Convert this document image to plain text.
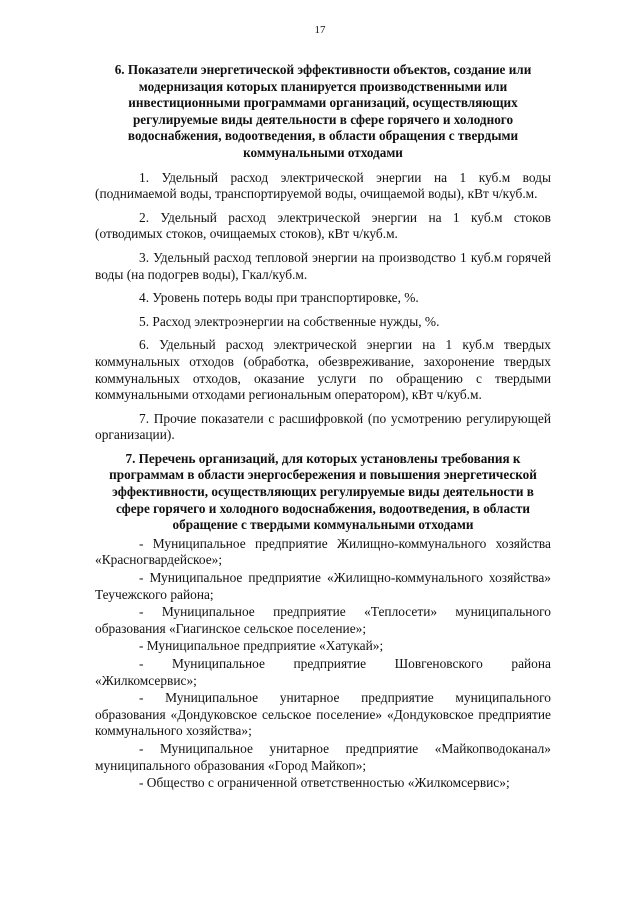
17
6. Показатели энергетической эффективности объектов, создание или модернизация которых планируется производственными или инвестиционными программами организаций, осуществляющих регулируемые виды деятельности в сфере горячего и холодного водоснабжения, водоотведения, в области обращения с твердыми коммунальными отходами

1. Удельный расход электрической энергии на 1 куб.м воды (поднимаемой воды, транспортируемой воды, очищаемой воды), кВт ч/куб.м.

2. Удельный расход электрической энергии на 1 куб.м стоков (отводимых стоков, очищаемых стоков), кВт ч/куб.м.

3. Удельный расход тепловой энергии на производство 1 куб.м горячей воды (на подогрев воды), Гкал/куб.м.

4. Уровень потерь воды при транспортировке, %.

5. Расход электроэнергии на собственные нужды, %.

6. Удельный расход электрической энергии на 1 куб.м твердых коммунальных отходов (обработка, обезвреживание, захоронение твердых коммунальных отходов, оказание услуги по обращению с твердыми коммунальными отходами региональным оператором), кВт ч/куб.м.

7. Прочие показатели с расшифровкой (по усмотрению регулирующей организации).

7. Перечень организаций, для которых установлены требования к программам в области энергосбережения и повышения энергетической эффективности, осуществляющих регулируемые виды деятельности в сфере горячего и холодного водоснабжения, водоотведения, в области обращение с твердыми коммунальными отходами

- Муниципальное предприятие Жилищно-коммунального хозяйства «Красногвардейское»;

- Муниципальное предприятие «Жилищно-коммунального хозяйства» Теучежского района;

- Муниципальное предприятие «Теплосети» муниципального образования «Гиагинское сельское поселение»;

- Муниципальное предприятие «Хатукай»;

- Муниципальное предприятие Шовгеновского района «Жилкомсервис»;

- Муниципальное унитарное предприятие муниципального образования «Дондуковское сельское поселение» «Дондуковское предприятие коммунального хозяйства»;

- Муниципальное унитарное предприятие «Майкопводоканал» муниципального образования «Город Майкоп»;

- Общество с ограниченной ответственностью «Жилкомсервис»;
